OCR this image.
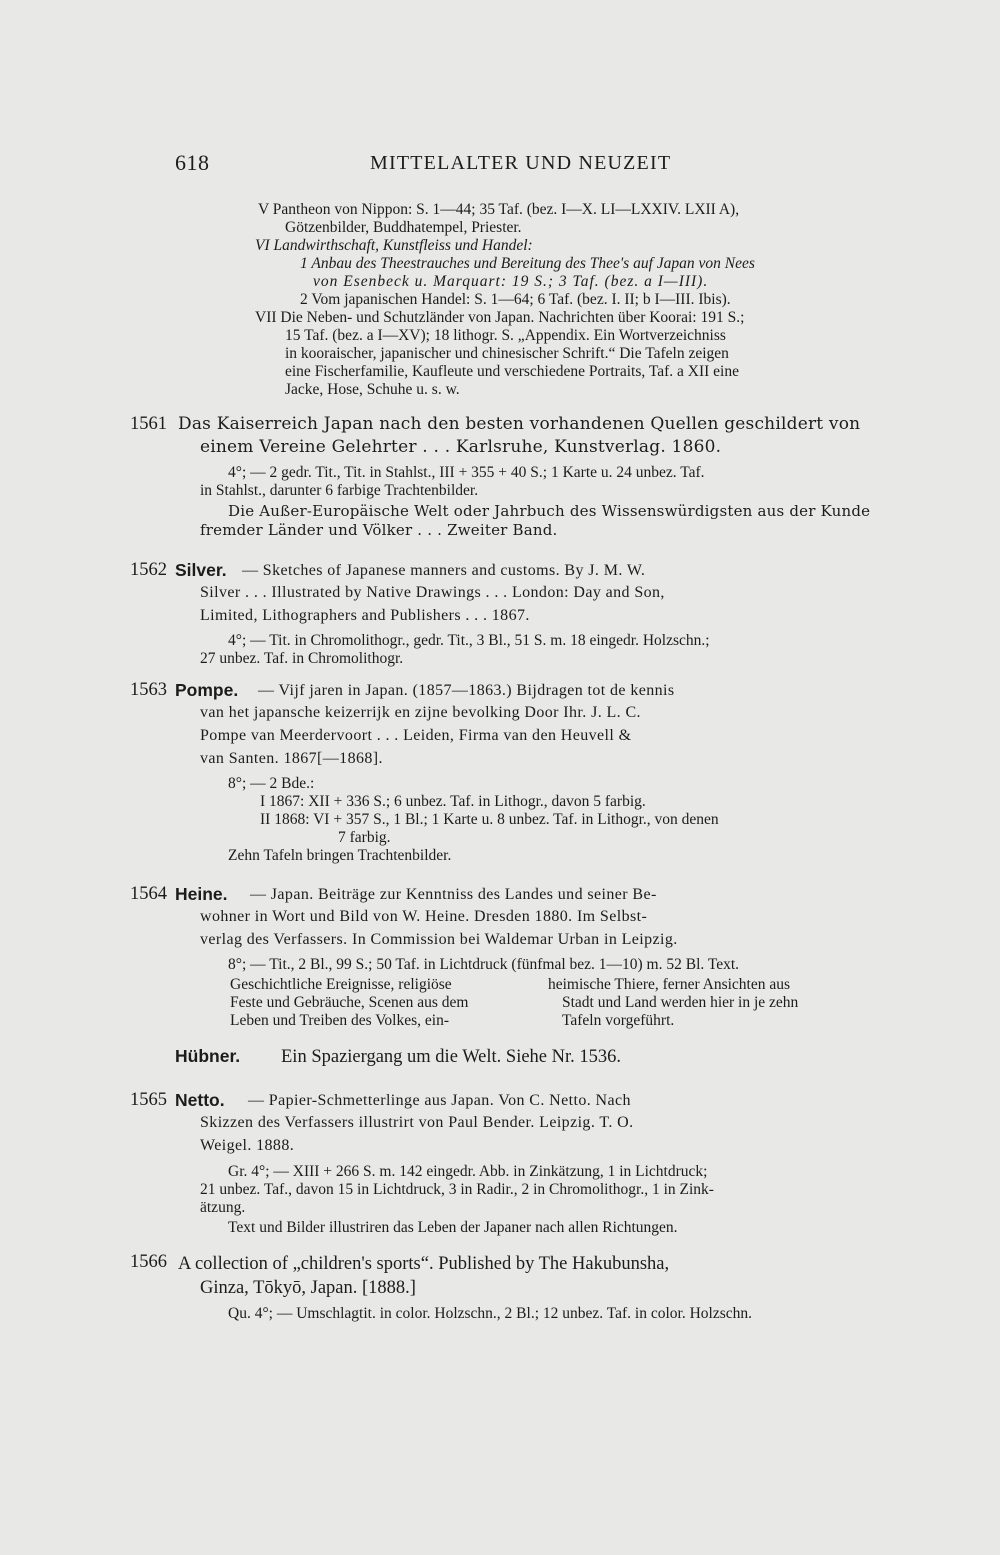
618	MITTELALTER UND NEUZEIT
V Pantheon von Nippon: S. 1—44; 35 Taf. (bez. I—X. LI—LXXIV. LXII A),
Götzenbilder, Buddhatempel, Priester.
VI Landwirthschaft, Kunstfleiss und Handel:
1 Anbau des Theestrauches und Bereitung des Thee's auf Japan von Nees
von Esenbeck u. Marquart: 19 S.; 3 Taf. (bez. a I—III).
2 Vom japanischen Handel: S. 1—64; 6 Taf. (bez. I. II; b I—III. Ibis).
VII Die Neben- und Schutzländer von Japan. Nachrichten über Koorai: 191 S.;
15 Taf. (bez. a I—XV); 18 lithogr. S. „Appendix. Ein Wortverzeichniss
in kooraischer, japanischer und chinesischer Schrift.“ Die Tafeln zeigen
eine Fischerfamilie, Kaufleute und verschiedene Portraits, Taf. a XII eine
Jacke, Hose, Schuhe u. s. w.
1561 Das Kaiserreich Japan nach den besten vorhandenen Quellen geschildert von
einem Vereine Gelehrter . . . Karlsruhe, Kunstverlag. 1860.
4°; — 2 gedr. Tit., Tit. in Stahlst., III + 355 + 40 S.; 1 Karte u. 24 unbez. Taf.
in Stahlst., darunter 6 farbige Trachtenbilder.
Die Außer-Europäische Welt oder Jahrbuch des Wissenswürdigsten aus der Kunde
fremder Länder und Völker . . . Zweiter Band.
1562 Silver. — Sketches of Japanese manners and customs. By J. M. W.
Silver . . . Illustrated by Native Drawings . . . London: Day and Son,
Limited, Lithographers and Publishers . . . 1867.
4°; — Tit. in Chromolithogr., gedr. Tit., 3 Bl., 51 S. m. 18 eingedr. Holzschn.;
27 unbez. Taf. in Chromolithogr.
1563 Pompe. — Vijf jaren in Japan. (1857—1863.) Bijdragen tot de kennis
van het japansche keizerrijk en zijne bevolking Door Ihr. J. L. C.
Pompe van Meerdervoort . . . Leiden, Firma van den Heuvell &
van Santen. 1867[—1868].
8°; — 2 Bde.:
I 1867: XII + 336 S.; 6 unbez. Taf. in Lithogr., davon 5 farbig.
II 1868: VI + 357 S., 1 Bl.; 1 Karte u. 8 unbez. Taf. in Lithogr., von denen
7 farbig.
Zehn Tafeln bringen Trachtenbilder.
1564 Heine. — Japan. Beiträge zur Kenntniss des Landes und seiner Be-
wohner in Wort und Bild von W. Heine. Dresden 1880. Im Selbst-
verlag des Verfassers. In Commission bei Waldemar Urban in Leipzig.
8°; — Tit., 2 Bl., 99 S.; 50 Taf. in Lichtdruck (fünfmal bez. 1—10) m. 52 Bl. Text.
Geschichtliche Ereignisse, religiöse
Feste und Gebräuche, Scenen aus dem
Leben und Treiben des Volkes, ein-
heimische Thiere, ferner Ansichten aus
Stadt und Land werden hier in je zehn
Tafeln vorgeführt.
Hübner. Ein Spaziergang um die Welt. Siehe Nr. 1536.
1565 Netto. — Papier-Schmetterlinge aus Japan. Von C. Netto. Nach
Skizzen des Verfassers illustrirt von Paul Bender. Leipzig. T. O.
Weigel. 1888.
Gr. 4°; — XIII + 266 S. m. 142 eingedr. Abb. in Zinkätzung, 1 in Lichtdruck;
21 unbez. Taf., davon 15 in Lichtdruck, 3 in Radir., 2 in Chromolithogr., 1 in Zink-
ätzung.
Text und Bilder illustriren das Leben der Japaner nach allen Richtungen.
1566 A collection of „children's sports“. Published by The Hakubunsha,
Ginza, Tōkyō, Japan. [1888.]
Qu. 4°; — Umschlagtit. in color. Holzschn., 2 Bl.; 12 unbez. Taf. in color. Holzschn.
